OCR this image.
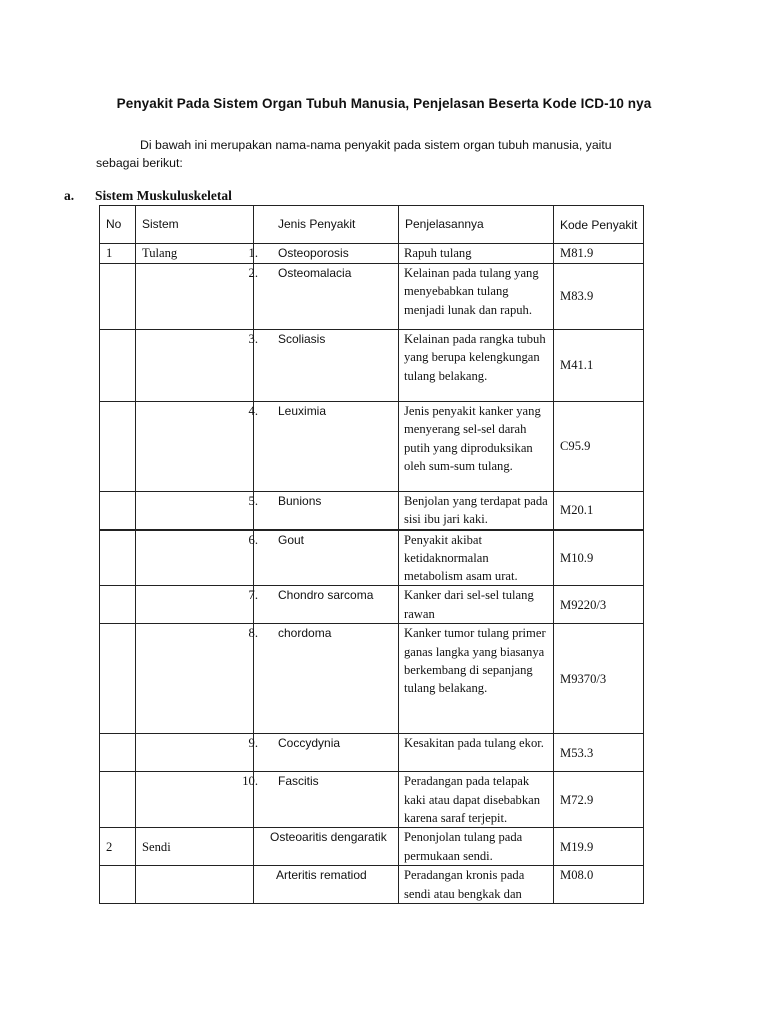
Penyakit Pada Sistem Organ Tubuh Manusia, Penjelasan Beserta Kode ICD-10 nya
Di bawah ini merupakan nama-nama penyakit pada sistem organ tubuh manusia, yaitu sebagai berikut:
a. Sistem Muskuluskeletal
No	Sistem	Jenis Penyakit	Penjelasannya	Kode Penyakit
1	Tulang	1. Osteoporosis	Rapuh tulang	M81.9

		2. Osteomalacia	Kelainan pada tulang yang menyebabkan tulang menjadi lunak dan rapuh.	M83.9

		3. Scoliasis	Kelainan pada rangka tubuh yang berupa kelengkungan tulang belakang.	M41.1

		4. Leuximia	Jenis penyakit kanker yang menyerang sel-sel darah putih yang diproduksikan oleh sum-sum tulang.	C95.9

		5. Bunions	Benjolan yang terdapat pada sisi ibu jari kaki.	M20.1

		6. Gout	Penyakit akibat ketidaknormalan metabolism asam urat.	M10.9

		7. Chondro sarcoma	Kanker dari sel-sel tulang rawan	M9220/3

		8. chordoma	Kanker tumor tulang primer ganas langka yang biasanya berkembang di sepanjang tulang belakang.	M9370/3

		9. Coccydynia	Kesakitan pada tulang ekor.	M53.3

		10. Fascitis	Peradangan pada telapak kaki atau dapat disebabkan karena saraf terjepit.	M72.9
2	Sendi	Osteoaritis dengaratik	Penonjolan tulang pada permukaan sendi.	M19.9

		Arteritis rematiod	Peradangan kronis pada sendi atau bengkak dan	M08.0
